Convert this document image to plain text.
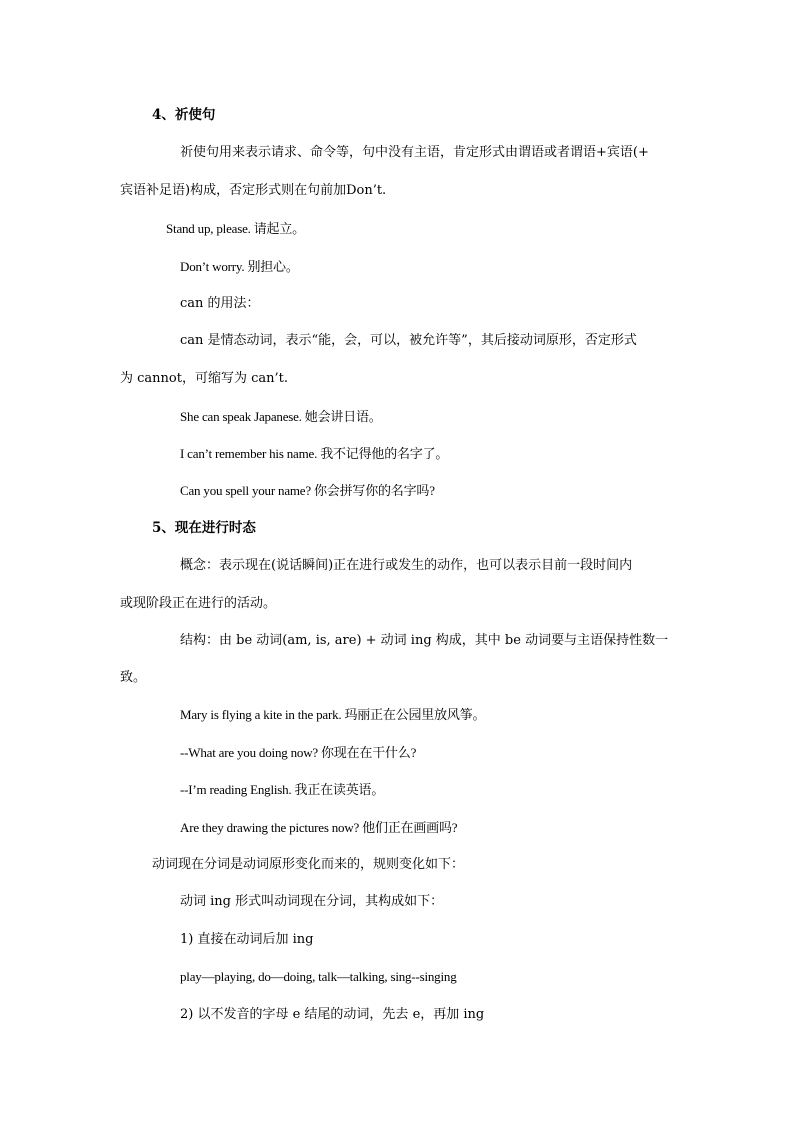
4、祈使句

祈使句用来表示请求、命令等，句中没有主语，肯定形式由谓语或者谓语+宾语(+

宾语补足语)构成，否定形式则在句前加Don’t.

Stand up, please. 请起立。

Don’t worry. 别担心。

can 的用法：

can 是情态动词，表示“能，会，可以，被允许等”，其后接动词原形，否定形式

为 cannot，可缩写为 can’t.

She can speak Japanese. 她会讲日语。

I can’t remember his name. 我不记得他的名字了。

Can you spell your name? 你会拼写你的名字吗?

5、现在进行时态

概念：表示现在(说话瞬间)正在进行或发生的动作，也可以表示目前一段时间内

或现阶段正在进行的活动。

结构：由 be 动词(am, is, are) + 动词 ing 构成，其中 be 动词要与主语保持性数一

致。

Mary is flying a kite in the park. 玛丽正在公园里放风筝。

--What are you doing now? 你现在在干什么?

--I’m reading English. 我正在读英语。

Are they drawing the pictures now? 他们正在画画吗?

动词现在分词是动词原形变化而来的，规则变化如下：

动词 ing 形式叫动词现在分词，其构成如下：

1) 直接在动词后加 ing

play—playing, do—doing, talk—talking, sing--singing

2) 以不发音的字母 e 结尾的动词，先去 e，再加 ing
